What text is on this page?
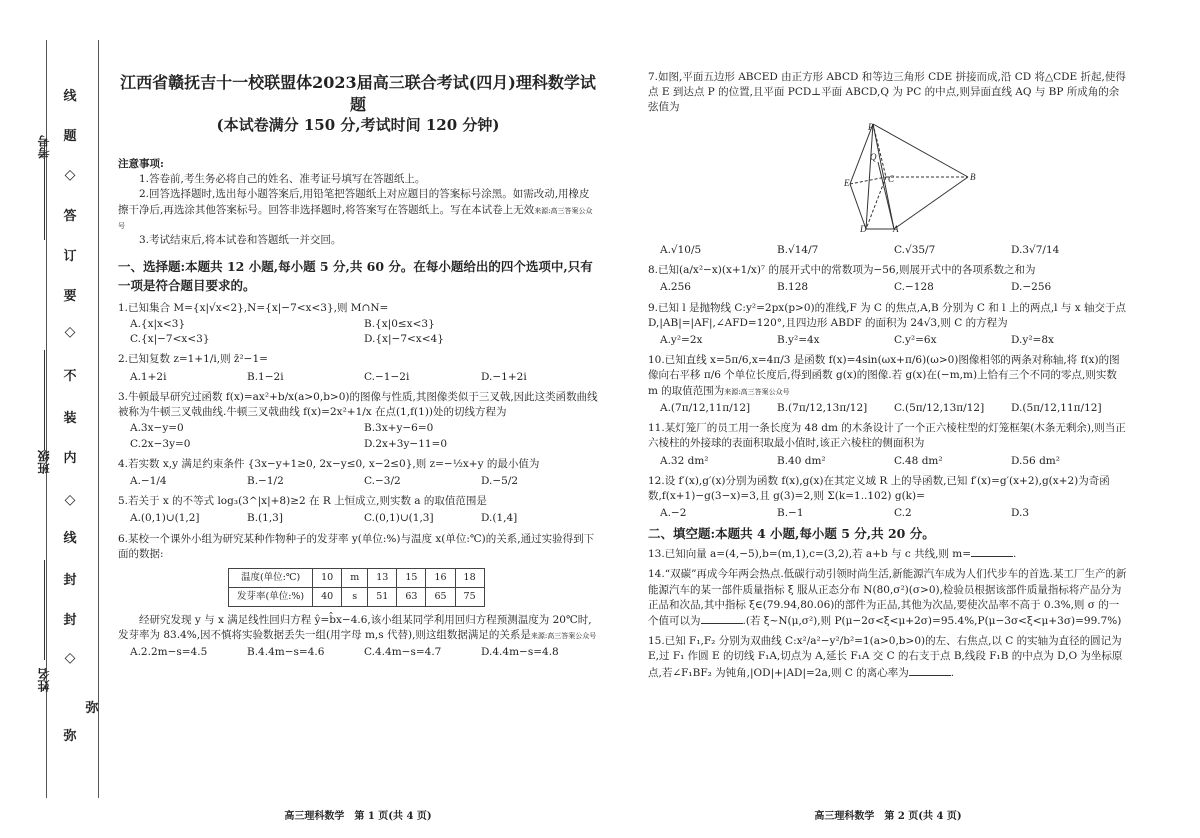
考号
班级
姓名
◇
◇
◇
◇
线
题
答
订
要
不
装
内
线
封
封
弥
弥
江西省赣抚吉十一校联盟体2023届高三联合考试(四月)理科数学试题
(本试卷满分 150 分,考试时间 120 分钟)
注意事项:

1.答卷前,考生务必将自己的姓名、准考证号填写在答题纸上。

2.回答选择题时,选出每小题答案后,用铅笔把答题纸上对应题目的答案标号涂黑。如需改动,用橡皮擦干净后,再选涂其他答案标号。回答非选择题时,将答案写在答题纸上。写在本试卷上无效来源:高三答案公众号

3.考试结束后,将本试卷和答题纸一并交回。

一、选择题:本题共 12 小题,每小题 5 分,共 60 分。在每小题给出的四个选项中,只有一项是符合题目要求的。
1.已知集合 M={x|√x<2},N={x|−7<x<3},则 M∩N=
A.{x|x<3}	B.{x|0≤x<3}
C.{x|−7<x<3}	D.{x|−7<x<4}
2.已知复数 z=1+1/i,则 z̄²−1=
A.1+2i	B.1−2i	C.−1−2i	D.−1+2i
3.牛顿最早研究过函数 f(x)=ax²+b/x(a>0,b>0)的图像与性质,其图像类似于三叉戟,因此这类函数曲线被称为牛顿三叉戟曲线.牛顿三叉戟曲线 f(x)=2x²+1/x 在点(1,f(1))处的切线方程为
A.3x−y=0	B.3x+y−6=0
C.2x−3y=0	D.2x+3y−11=0
4.若实数 x,y 满足约束条件 {3x−y+1≥0, 2x−y≤0, x−2≤0},则 z=−½x+y 的最小值为
A.−1/4	B.−1/2	C.−3/2	D.−5/2
5.若关于 x 的不等式 log₃(3^|x|+8)≥2 在 R 上恒成立,则实数 a 的取值范围是
A.(0,1)∪(1,2]	B.(1,3]	C.(0,1)∪(1,3]	D.(1,4]
6.某校一个课外小组为研究某种作物种子的发芽率 y(单位:%)与温度 x(单位:℃)的关系,通过实验得到下面的数据:
温度(单位:℃)	10	m	13	15	16	18
发芽率(单位:%)	40	s	51	63	65	75
经研究发现 y 与 x 满足线性回归方程 ŷ=b̂x−4.6,该小组某同学利用回归方程预测温度为 20℃时,发芽率为 83.4%,因不慎将实验数据丢失一组(用字母 m,s 代替),则这组数据满足的关系是来源:高三答案公众号
A.2.2m−s=4.5	B.4.4m−s=4.6	C.4.4m−s=4.7	D.4.4m−s=4.8
7.如图,平面五边形 ABCED 由正方形 ABCD 和等边三角形 CDE 拼接而成,沿 CD 将△CDE 折起,使得点 E 到达点 P 的位置,且平面 PCD⊥平面 ABCD,Q 为 PC 的中点,则异面直线 AQ 与 BP 所成角的余弦值为
P
Q
C	B
E
D	A
A.√10/5	B.√14/7	C.√35/7	D.3√7/14
8.已知(a/x²−x)(x+1/x)⁷ 的展开式中的常数项为−56,则展开式中的各项系数之和为
A.256	B.128	C.−128	D.−256
9.已知 l 是抛物线 C:y²=2px(p>0)的准线,F 为 C 的焦点,A,B 分别为 C 和 l 上的两点,l 与 x 轴交于点 D,|AB|=|AF|,∠AFD=120°,且四边形 ABDF 的面积为 24√3,则 C 的方程为
A.y²=2x	B.y²=4x	C.y²=6x	D.y²=8x
10.已知直线 x=5π/6,x=4π/3 是函数 f(x)=4sin(ωx+π/6)(ω>0)图像相邻的两条对称轴,将 f(x)的图像向右平移 π/6 个单位长度后,得到函数 g(x)的图像.若 g(x)在(−m,m)上恰有三个不同的零点,则实数 m 的取值范围为来源:高三答案公众号
A.(7π/12,11π/12]	B.(7π/12,13π/12]	C.(5π/12,13π/12]	D.(5π/12,11π/12]
11.某灯笼厂的员工用一条长度为 48 dm 的木条设计了一个正六棱柱型的灯笼框架(木条无剩余),则当正六棱柱的外接球的表面积取最小值时,该正六棱柱的侧面积为
A.32 dm²	B.40 dm²	C.48 dm²	D.56 dm²
12.设 f′(x),g′(x)分别为函数 f(x),g(x)在其定义域 R 上的导函数,已知 f′(x)=g′(x+2),g(x+2)为奇函数,f(x+1)−g(3−x)=3,且 g(3)=2,则 Σ(k=1..102) g(k)=
A.−2	B.−1	C.2	D.3
二、填空题:本题共 4 小题,每小题 5 分,共 20 分。
13.已知向量 a=(4,−5),b=(m,1),c=(3,2),若 a+b 与 c 共线,则 m=	.
14.“双碳”再成今年两会热点.低碳行动引领时尚生活,新能源汽车成为人们代步车的首选.某工厂生产的新能源汽车的某一部件质量指标 ξ 服从正态分布 N(80,σ²)(σ>0),检验员根据该部件质量指标将产品分为正品和次品,其中指标 ξ∈(79.94,80.06)的部件为正品,其他为次品,要使次品率不高于 0.3%,则 σ 的一个值可以为	.(若 ξ~N(μ,σ²),则 P(μ−2σ<ξ<μ+2σ)=95.4%,P(μ−3σ<ξ<μ+3σ)=99.7%)
15.已知 F₁,F₂ 分别为双曲线 C:x²/a²−y²/b²=1(a>0,b>0)的左、右焦点,以 C 的实轴为直径的圆记为 E,过 F₁ 作圆 E 的切线 F₁A,切点为 A,延长 F₁A 交 C 的右支于点 B,线段 F₁B 的中点为 D,O 为坐标原点,若∠F₁BF₂ 为钝角,|OD|+|AD|=2a,则 C 的离心率为	.
高三理科数学　第 1 页(共 4 页)	高三理科数学　第 2 页(共 4 页)
